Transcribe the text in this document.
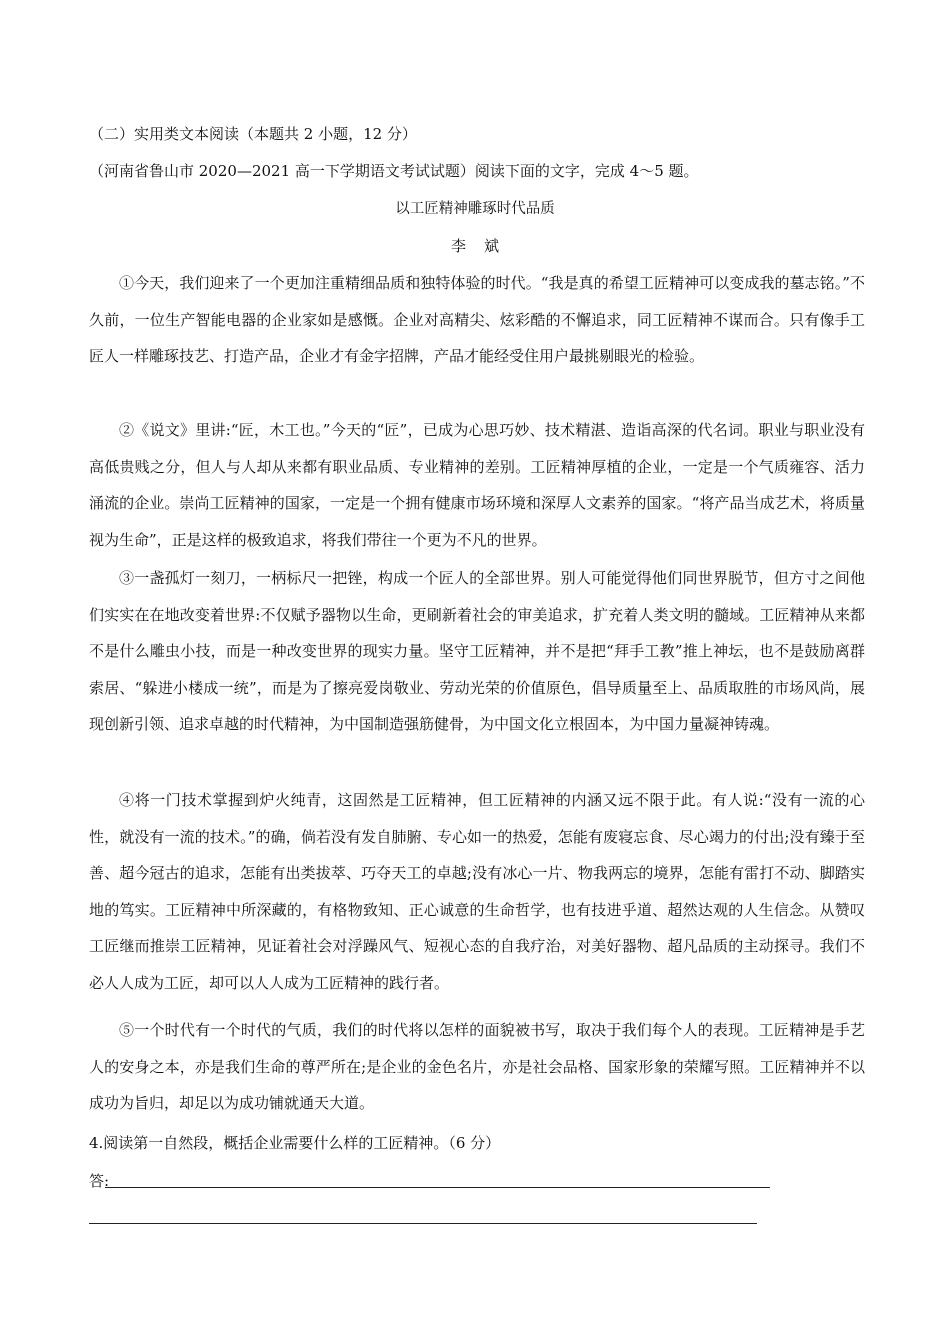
（二）实用类文本阅读（本题共 2 小题，12 分）
（河南省鲁山市 2020—2021 高一下学期语文考试试题）阅读下面的文字，完成 4～5 题。
以工匠精神雕琢时代品质
李斌
①今天，我们迎来了一个更加注重精细品质和独特体验的时代。“我是真的希望工匠精神可以变成我的墓志铭。”不久前，一位生产智能电器的企业家如是感慨。企业对高精尖、炫彩酷的不懈追求，同工匠精神不谋而合。只有像手工匠人一样雕琢技艺、打造产品，企业才有金字招牌，产品才能经受住用户最挑剔眼光的检验。
②《说文》里讲:“匠，木工也。”今天的“匠”，已成为心思巧妙、技术精湛、造诣高深的代名词。职业与职业没有高低贵贱之分，但人与人却从来都有职业品质、专业精神的差别。工匠精神厚植的企业，一定是一个气质雍容、活力涌流的企业。崇尚工匠精神的国家，一定是一个拥有健康市场环境和深厚人文素养的国家。“将产品当成艺术，将质量视为生命”，正是这样的极致追求，将我们带往一个更为不凡的世界。
③一盏孤灯一刻刀，一柄标尺一把锉，构成一个匠人的全部世界。别人可能觉得他们同世界脱节，但方寸之间他们实实在在地改变着世界:不仅赋予器物以生命，更刷新着社会的审美追求，扩充着人类文明的髓域。工匠精神从来都不是什么雕虫小技，而是一种改变世界的现实力量。坚守工匠精神，并不是把“拜手工教”推上神坛，也不是鼓励离群索居、“躲进小楼成一统”，而是为了擦亮爱岗敬业、劳动光荣的价值原色，倡导质量至上、品质取胜的市场风尚，展现创新引领、追求卓越的时代精神，为中国制造强筋健骨，为中国文化立根固本，为中国力量凝神铸魂。
④将一门技术掌握到炉火纯青，这固然是工匠精神，但工匠精神的内涵又远不限于此。有人说:“没有一流的心性，就没有一流的技术。”的确，倘若没有发自肺腑、专心如一的热爱，怎能有废寝忘食、尽心竭力的付出;没有臻于至善、超今冠古的追求，怎能有出类拔萃、巧夺天工的卓越;没有冰心一片、物我两忘的境界，怎能有雷打不动、脚踏实地的笃实。工匠精神中所深藏的，有格物致知、正心诚意的生命哲学，也有技进乎道、超然达观的人生信念。从赞叹工匠继而推崇工匠精神，见证着社会对浮躁风气、短视心态的自我疗治，对美好器物、超凡品质的主动探寻。我们不必人人成为工匠，却可以人人成为工匠精神的践行者。
⑤一个时代有一个时代的气质，我们的时代将以怎样的面貌被书写，取决于我们每个人的表现。工匠精神是手艺人的安身之本，亦是我们生命的尊严所在;是企业的金色名片，亦是社会品格、国家形象的荣耀写照。工匠精神并不以成功为旨归，却足以为成功铺就通天大道。
4.阅读第一自然段，概括企业需要什么样的工匠精神。（6 分）
答:
